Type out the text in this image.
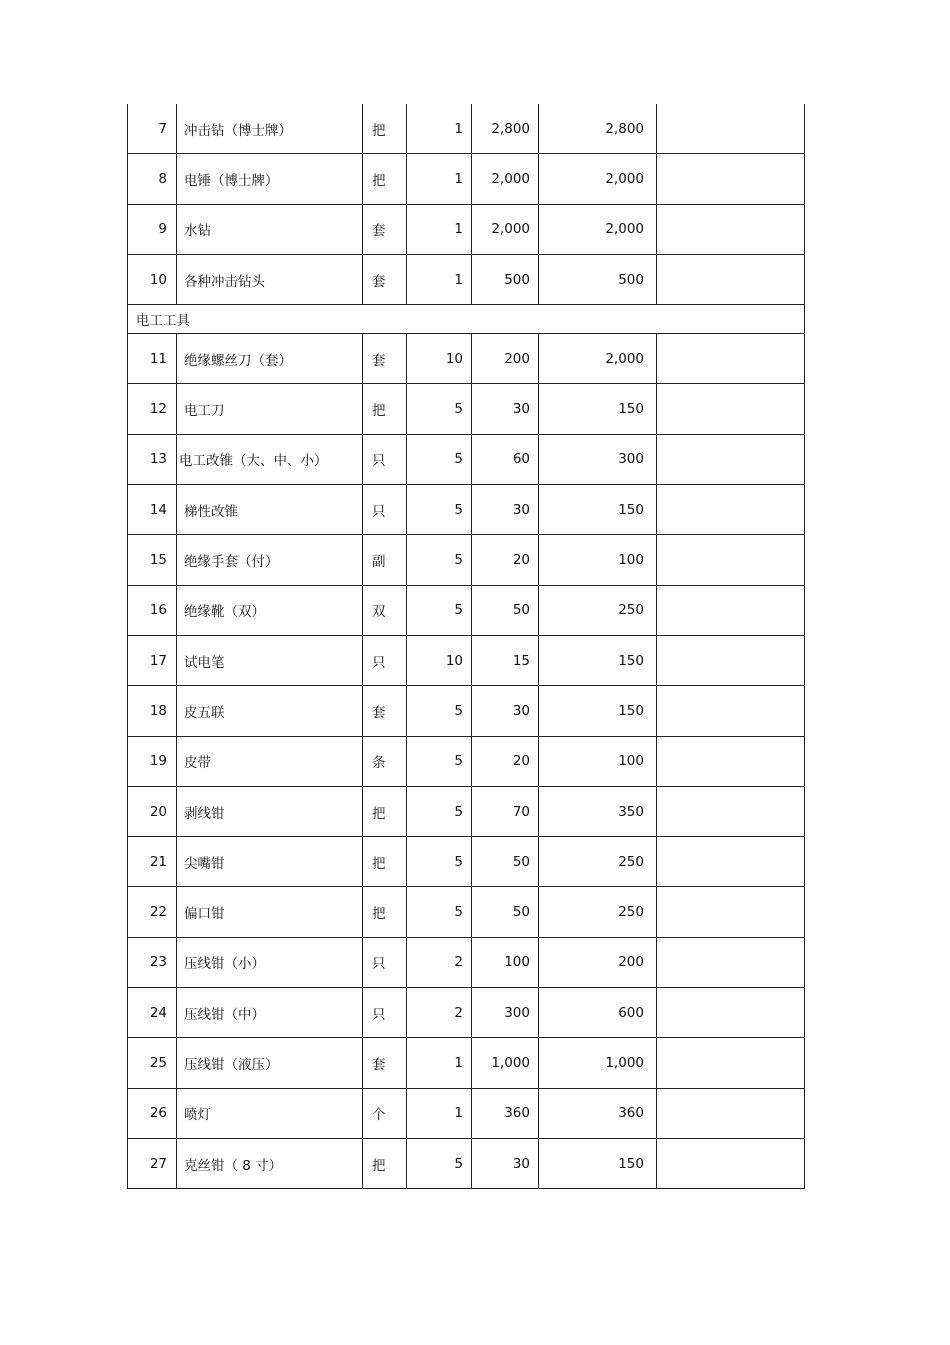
7	冲击钻（博士牌）	把	1	2,800	2,800	
8	电锤（博士牌）	把	1	2,000	2,000	
9	水钻	套	1	2,000	2,000	
10	各种冲击钻头	套	1	500	500	
电工工具						
11	绝缘螺丝刀（套）	套	10	200	2,000	
12	电工刀	把	5	30	150	
13	电工改锥（大、中、小）	只	5	60	300	
14	梯性改锥	只	5	30	150	
15	绝缘手套（付）	副	5	20	100	
16	绝缘靴（双）	双	5	50	250	
17	试电笔	只	10	15	150	
18	皮五联	套	5	30	150	
19	皮带	条	5	20	100	
20	剥线钳	把	5	70	350	
21	尖嘴钳	把	5	50	250	
22	偏口钳	把	5	50	250	
23	压线钳（小）	只	2	100	200	
24	压线钳（中）	只	2	300	600	
25	压线钳（液压）	套	1	1,000	1,000	
26	喷灯	个	1	360	360	
27	克丝钳（ 8 寸）	把	5	30	150	
